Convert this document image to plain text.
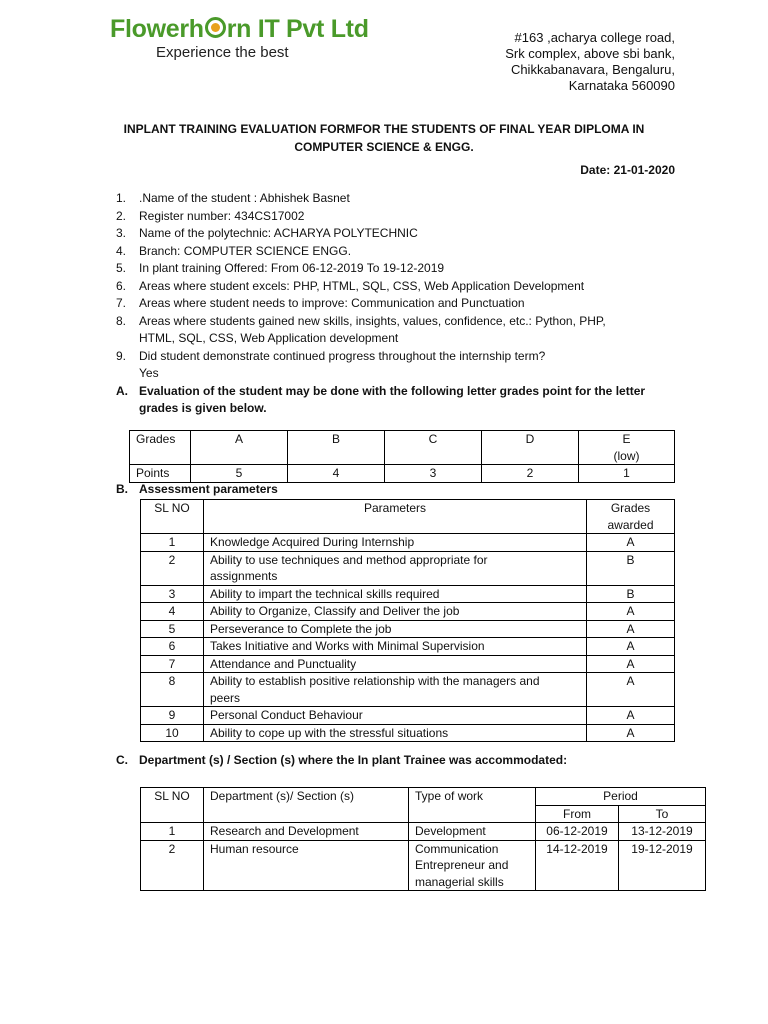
Flowerh rn IT Pvt Ltd
Experience the best
#163 ,acharya college road,
Srk complex, above sbi bank,
Chikkabanavara, Bengaluru,
Karnataka 560090
INPLANT TRAINING EVALUATION FORMFOR THE STUDENTS OF FINAL YEAR DIPLOMA IN
COMPUTER SCIENCE & ENGG.
Date: 21-01-2020
1.	.Name of the student : Abhishek Basnet
2.	Register number: 434CS17002
3.	Name of the polytechnic: ACHARYA POLYTECHNIC
4.	Branch: COMPUTER SCIENCE ENGG.
5.	In plant training Offered: From 06-12-2019 To 19-12-2019
6.	Areas where student excels: PHP, HTML, SQL, CSS, Web Application Development
7.	Areas where student needs to improve: Communication and Punctuation
8.	Areas where students gained new skills, insights, values, confidence, etc.: Python, PHP,
HTML, SQL, CSS, Web Application development
9.	Did student demonstrate continued progress throughout the internship term?
Yes
A. Evaluation of the student may be done with the following letter grades point for the letter
grades is given below.
Grades	A	B	C	D	E
(low)

Points	5	4	3	2	1
B. Assessment parameters
SL NO	Parameters	Grades
awarded

1	Knowledge Acquired During Internship	A
2	Ability to use techniques and method appropriate for
assignments	B
3	Ability to impart the technical skills required	B
4	Ability to Organize, Classify and Deliver the job	A
5	Perseverance to Complete the job	A
6	Takes Initiative and Works with Minimal Supervision	A
7	Attendance and Punctuality	A
8	Ability to establish positive relationship with the managers and
peers	A
9	Personal Conduct Behaviour	A
10	Ability to cope up with the stressful situations	A
C. Department (s) / Section (s) where the In plant Trainee was accommodated:
SL NO	Department (s)/ Section (s)	Type of work	Period	
			From	To
1	Research and Development	Development	06-12-2019	13-12-2019
2	Human resource	Communication
Entrepreneur and
managerial skills	14-12-2019	19-12-2019
